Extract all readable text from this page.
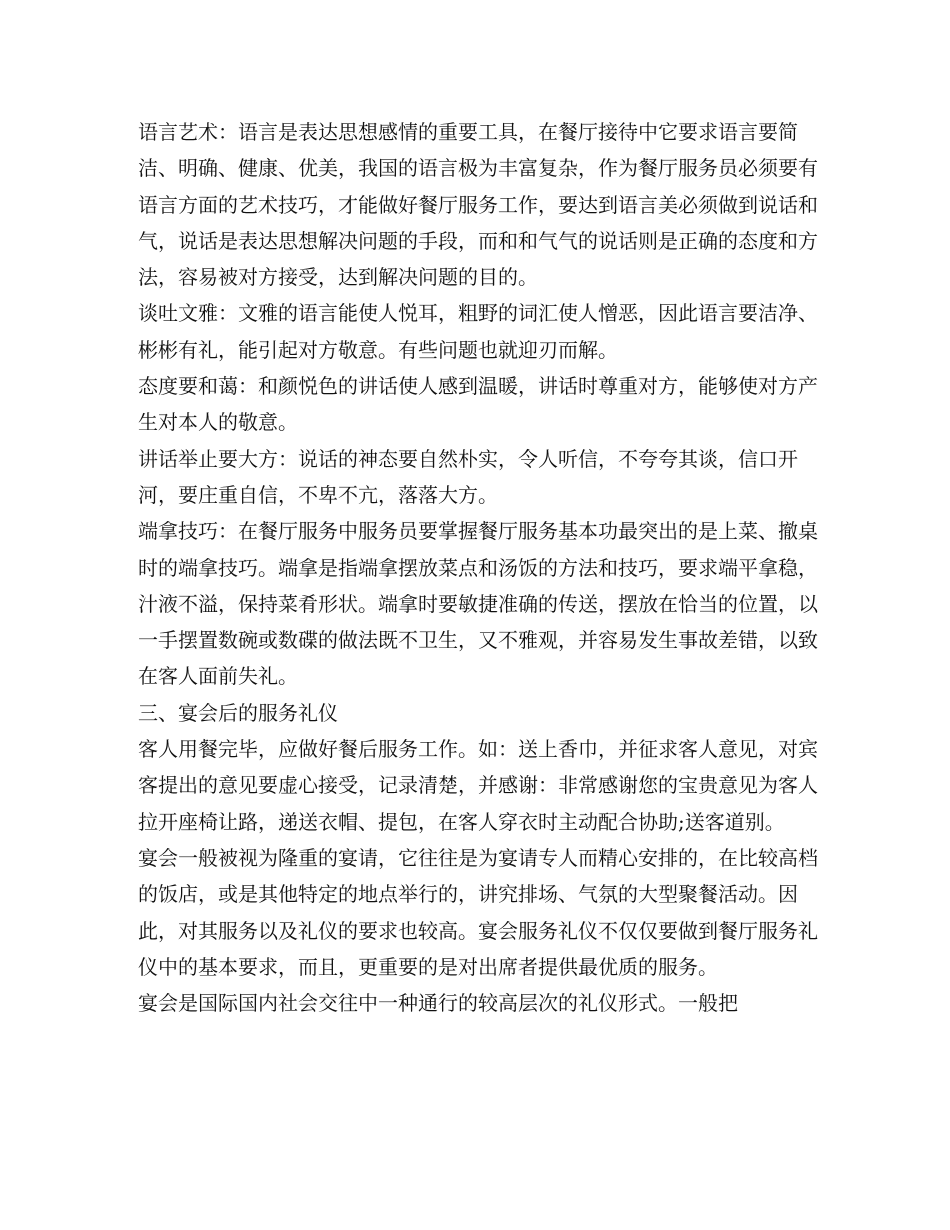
语言艺术：语言是表达思想感情的重要工具，在餐厅接待中它要求语言要简洁、明确、健康、优美，我国的语言极为丰富复杂，作为餐厅服务员必须要有语言方面的艺术技巧，才能做好餐厅服务工作，要达到语言美必须做到说话和气，说话是表达思想解决问题的手段，而和和气气的说话则是正确的态度和方法，容易被对方接受，达到解决问题的目的。

谈吐文雅：文雅的语言能使人悦耳，粗野的词汇使人憎恶，因此语言要洁净、彬彬有礼，能引起对方敬意。有些问题也就迎刃而解。

态度要和蔼：和颜悦色的讲话使人感到温暖，讲话时尊重对方，能够使对方产生对本人的敬意。

讲话举止要大方：说话的神态要自然朴实，令人听信，不夸夸其谈，信口开河，要庄重自信，不卑不亢，落落大方。

端拿技巧：在餐厅服务中服务员要掌握餐厅服务基本功最突出的是上菜、撤桌时的端拿技巧。端拿是指端拿摆放菜点和汤饭的方法和技巧，要求端平拿稳，汁液不溢，保持菜肴形状。端拿时要敏捷准确的传送，摆放在恰当的位置，以一手摆置数碗或数碟的做法既不卫生，又不雅观，并容易发生事故差错，以致在客人面前失礼。

三、宴会后的服务礼仪

客人用餐完毕，应做好餐后服务工作。如：送上香巾，并征求客人意见，对宾客提出的意见要虚心接受，记录清楚，并感谢：非常感谢您的宝贵意见为客人拉开座椅让路，递送衣帽、提包，在客人穿衣时主动配合协助;送客道别。

宴会一般被视为隆重的宴请，它往往是为宴请专人而精心安排的，在比较高档的饭店，或是其他特定的地点举行的，讲究排场、气氛的大型聚餐活动。因此，对其服务以及礼仪的要求也较高。宴会服务礼仪不仅仅要做到餐厅服务礼仪中的基本要求，而且，更重要的是对出席者提供最优质的服务。

宴会是国际国内社会交往中一种通行的较高层次的礼仪形式。一般把
